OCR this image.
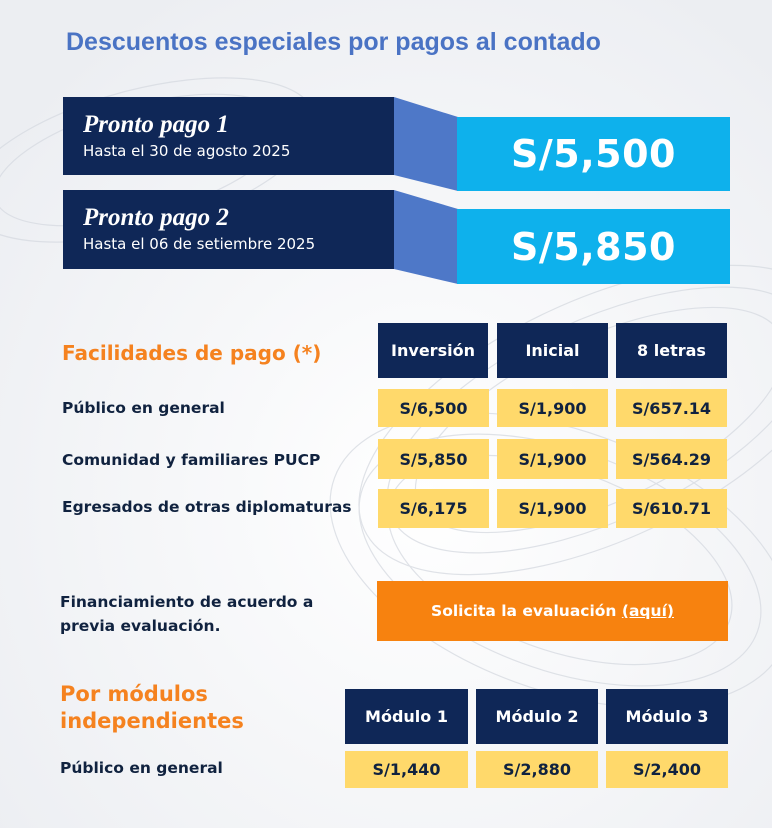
Descuentos especiales por pagos al contado
Pronto pago 1
Hasta el 30 de agosto 2025	S/5,500
Pronto pago 2
Hasta el 06 de setiembre 2025	S/5,850
Facilidades de pago (*)	Inversión	Inicial	8 letras
Público en general	S/6,500	S/1,900	S/657.14
Comunidad y familiares PUCP	S/5,850	S/1,900	S/564.29
Egresados de otras diplomaturas	S/6,175	S/1,900	S/610.71
Financiamiento de acuerdo a
previa evaluación.
Solicita la evaluación
(aquí)
Por módulos
independientes	Módulo 1	Módulo 2	Módulo 3
Público en general	S/1,440	S/2,880	S/2,400
